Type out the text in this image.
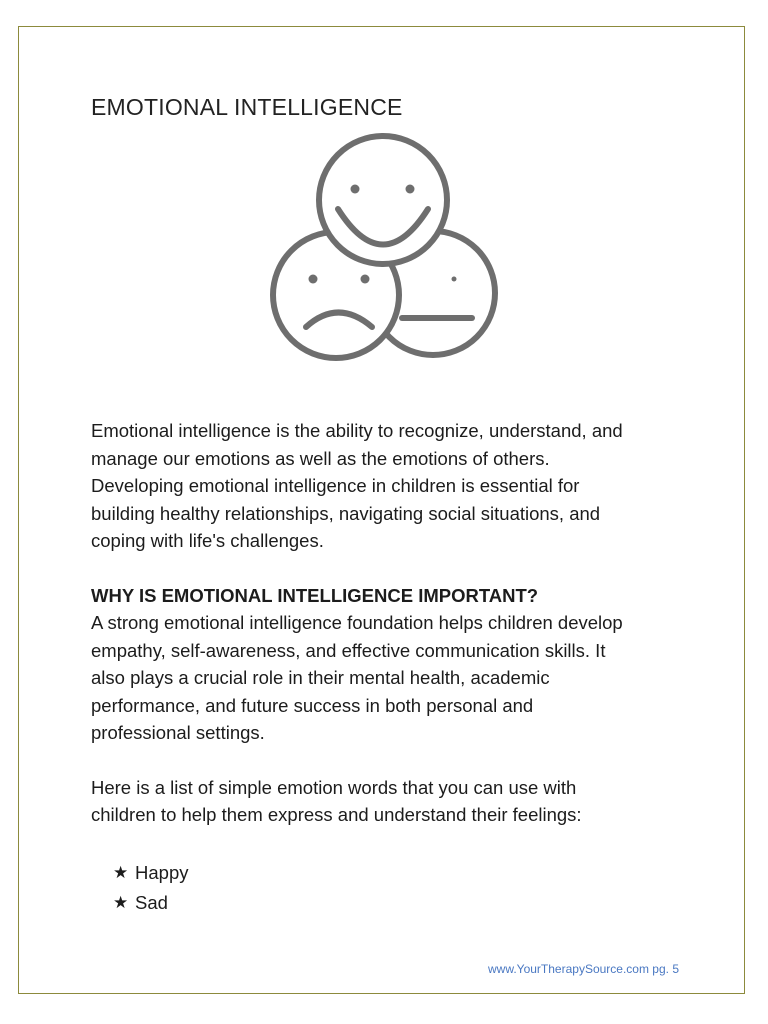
EMOTIONAL INTELLIGENCE

Emotional intelligence is the ability to recognize, understand, and
manage our emotions as well as the emotions of others.
Developing emotional intelligence in children is essential for
building healthy relationships, navigating social situations, and
coping with life's challenges.

WHY IS EMOTIONAL INTELLIGENCE IMPORTANT?

A strong emotional intelligence foundation helps children develop
empathy, self-awareness, and effective communication skills. It
also plays a crucial role in their mental health, academic
performance, and future success in both personal and
professional settings.

Here is a list of simple emotion words that you can use with
children to help them express and understand their feelings:

★ Happy
★ Sad
www.YourTherapySource.com pg. 5
